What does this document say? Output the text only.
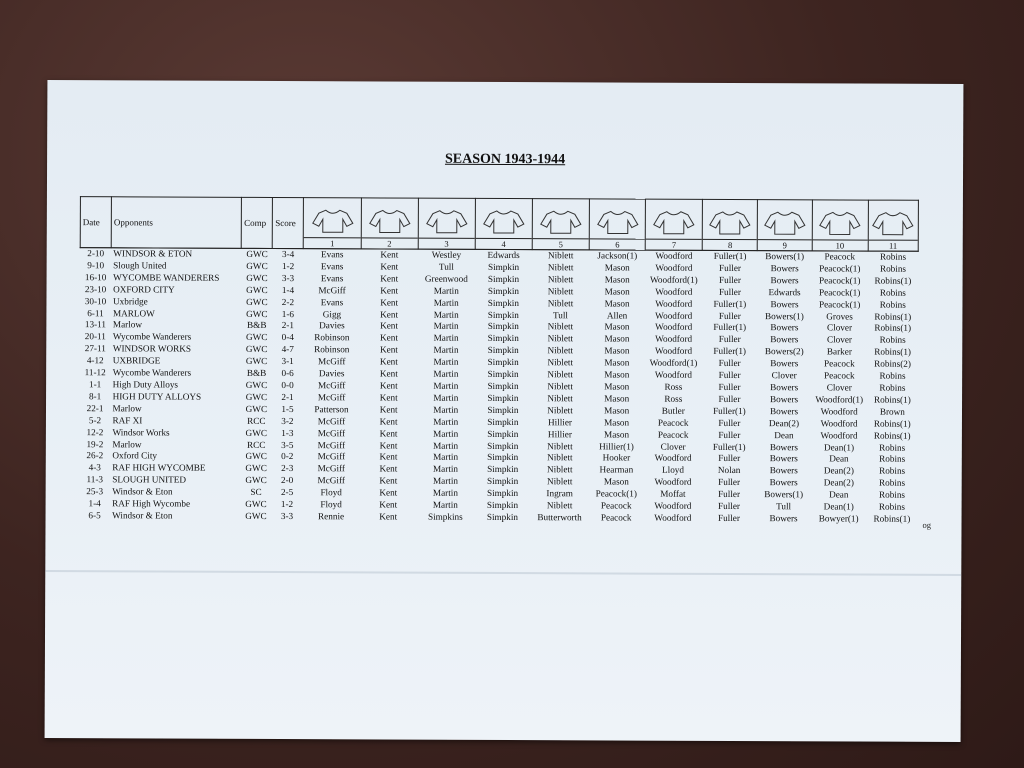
SEASON 1943-1944
Date	Opponents	Comp	Score	1	2	3	4	5	6	7	8	9	10	11

2-10	WINDSOR & ETON	GWC	3-4	Evans	Kent	Westley	Edwards	Niblett	Jackson(1)	Woodford	Fuller(1)	Bowers(1)	Peacock	Robins
9-10	Slough United	GWC	1-2	Evans	Kent	Tull	Simpkin	Niblett	Mason	Woodford	Fuller	Bowers	Peacock(1)	Robins
16-10	WYCOMBE WANDERERS	GWC	3-3	Evans	Kent	Greenwood	Simpkin	Niblett	Mason	Woodford(1)	Fuller	Bowers	Peacock(1)	Robins(1)
23-10	OXFORD CITY	GWC	1-4	McGiff	Kent	Martin	Simpkin	Niblett	Mason	Woodford	Fuller	Edwards	Peacock(1)	Robins
30-10	Uxbridge	GWC	2-2	Evans	Kent	Martin	Simpkin	Niblett	Mason	Woodford	Fuller(1)	Bowers	Peacock(1)	Robins
6-11	MARLOW	GWC	1-6	Gigg	Kent	Martin	Simpkin	Tull	Allen	Woodford	Fuller	Bowers(1)	Groves	Robins(1)
13-11	Marlow	B&B	2-1	Davies	Kent	Martin	Simpkin	Niblett	Mason	Woodford	Fuller(1)	Bowers	Clover	Robins(1)
20-11	Wycombe Wanderers	GWC	0-4	Robinson	Kent	Martin	Simpkin	Niblett	Mason	Woodford	Fuller	Bowers	Clover	Robins
27-11	WINDSOR WORKS	GWC	4-7	Robinson	Kent	Martin	Simpkin	Niblett	Mason	Woodford	Fuller(1)	Bowers(2)	Barker	Robins(1)
4-12	UXBRIDGE	GWC	3-1	McGiff	Kent	Martin	Simpkin	Niblett	Mason	Woodford(1)	Fuller	Bowers	Peacock	Robins(2)
11-12	Wycombe Wanderers	B&B	0-6	Davies	Kent	Martin	Simpkin	Niblett	Mason	Woodford	Fuller	Clover	Peacock	Robins
1-1	High Duty Alloys	GWC	0-0	McGiff	Kent	Martin	Simpkin	Niblett	Mason	Ross	Fuller	Bowers	Clover	Robins
8-1	HIGH DUTY ALLOYS	GWC	2-1	McGiff	Kent	Martin	Simpkin	Niblett	Mason	Ross	Fuller	Bowers	Woodford(1)	Robins(1)
22-1	Marlow	GWC	1-5	Patterson	Kent	Martin	Simpkin	Niblett	Mason	Butler	Fuller(1)	Bowers	Woodford	Brown
5-2	RAF XI	RCC	3-2	McGiff	Kent	Martin	Simpkin	Hillier	Mason	Peacock	Fuller	Dean(2)	Woodford	Robins(1)
12-2	Windsor Works	GWC	1-3	McGiff	Kent	Martin	Simpkin	Hillier	Mason	Peacock	Fuller	Dean	Woodford	Robins(1)
19-2	Marlow	RCC	3-5	McGiff	Kent	Martin	Simpkin	Niblett	Hillier(1)	Clover	Fuller(1)	Bowers	Dean(1)	Robins
26-2	Oxford City	GWC	0-2	McGiff	Kent	Martin	Simpkin	Niblett	Hooker	Woodford	Fuller	Bowers	Dean	Robins
4-3	RAF HIGH WYCOMBE	GWC	2-3	McGiff	Kent	Martin	Simpkin	Niblett	Hearman	Lloyd	Nolan	Bowers	Dean(2)	Robins
11-3	SLOUGH UNITED	GWC	2-0	McGiff	Kent	Martin	Simpkin	Niblett	Mason	Woodford	Fuller	Bowers	Dean(2)	Robins
25-3	Windsor & Eton	SC	2-5	Floyd	Kent	Martin	Simpkin	Ingram	Peacock(1)	Moffat	Fuller	Bowers(1)	Dean	Robins
1-4	RAF High Wycombe	GWC	1-2	Floyd	Kent	Martin	Simpkin	Niblett	Peacock	Woodford	Fuller	Tull	Dean(1)	Robins
6-5	Windsor & Eton	GWC	3-3	Rennie	Kent	Simpkins	Simpkin	Butterworth	Peacock	Woodford	Fuller	Bowers	Bowyer(1)	Robins(1)
og
